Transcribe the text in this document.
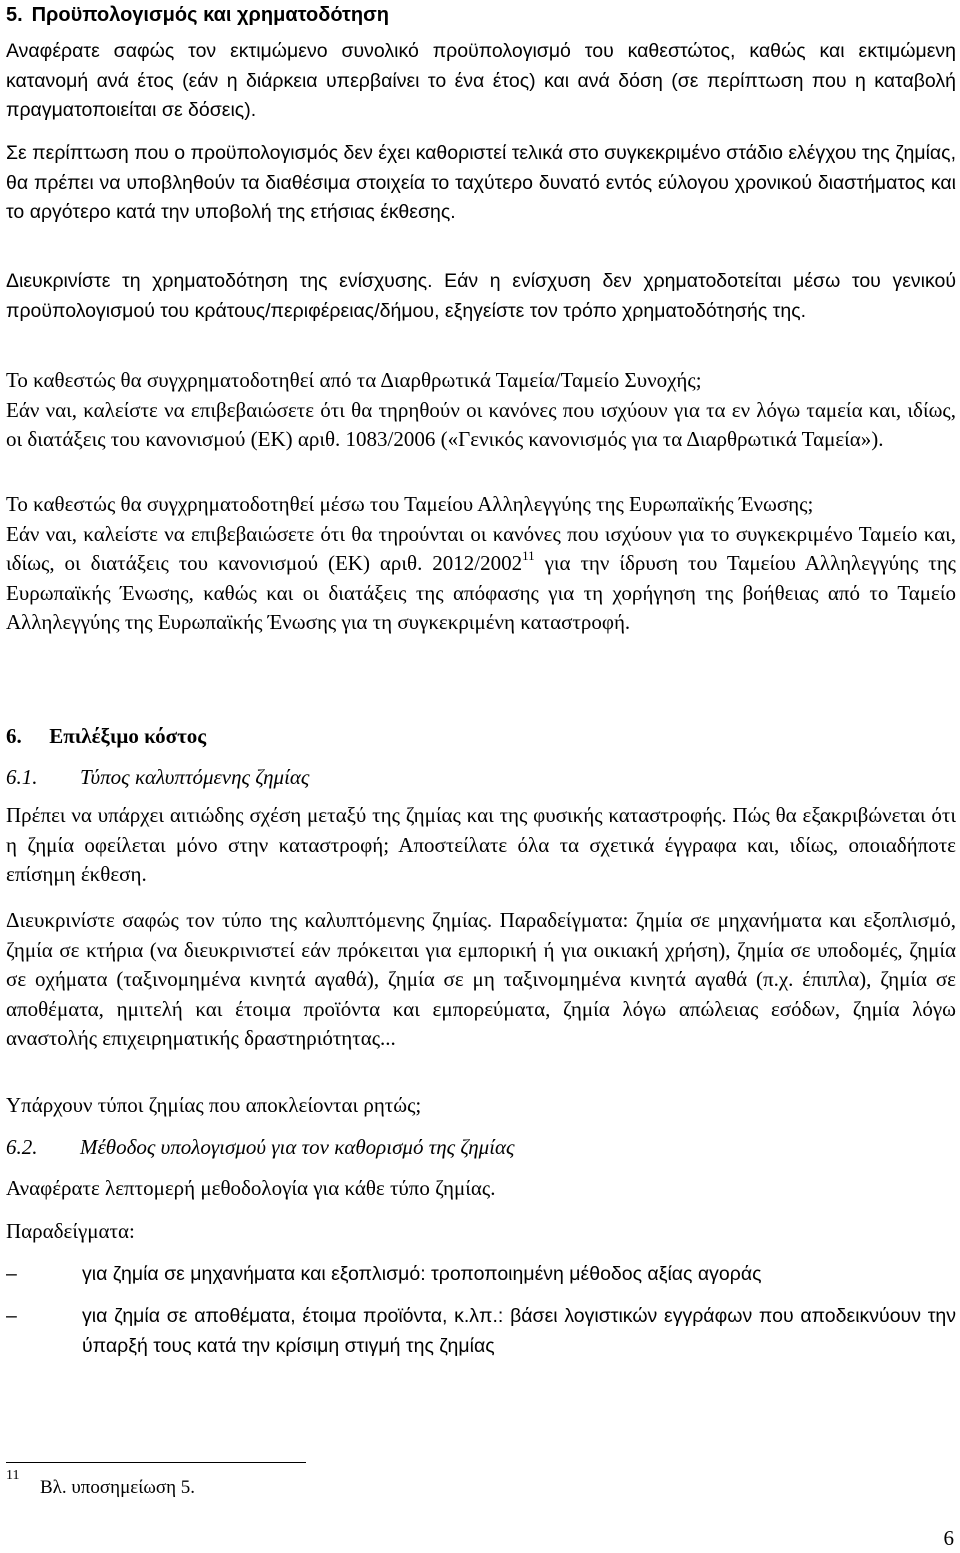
5. Προϋπολογισμός και χρηματοδότηση

Αναφέρατε σαφώς τον εκτιμώμενο συνολικό προϋπολογισμό του καθεστώτος, καθώς και εκτιμώμενη κατανομή ανά έτος (εάν η διάρκεια υπερβαίνει το ένα έτος) και ανά δόση (σε περίπτωση που η καταβολή πραγματοποιείται σε δόσεις).

Σε περίπτωση που ο προϋπολογισμός δεν έχει καθοριστεί τελικά στο συγκεκριμένο στάδιο ελέγχου της ζημίας, θα πρέπει να υποβληθούν τα διαθέσιμα στοιχεία το ταχύτερο δυνατό εντός εύλογου χρονικού διαστήματος και το αργότερο κατά την υποβολή της ετήσιας έκθεσης.

Διευκρινίστε τη χρηματοδότηση της ενίσχυσης. Εάν η ενίσχυση δεν χρηματοδοτείται μέσω του γενικού προϋπολογισμού του κράτους/περιφέρειας/δήμου, εξηγείστε τον τρόπο χρηματοδότησής της.

Το καθεστώς θα συγχρηματοδοτηθεί από τα Διαρθρωτικά Ταμεία/Ταμείο Συνοχής;
Εάν ναι, καλείστε να επιβεβαιώσετε ότι θα τηρηθούν οι κανόνες που ισχύουν για τα εν λόγω ταμεία και, ιδίως, οι διατάξεις του κανονισμού (ΕΚ) αριθ. 1083/2006 («Γενικός κανονισμός για τα Διαρθρωτικά Ταμεία»).
Το καθεστώς θα συγχρηματοδοτηθεί μέσω του Ταμείου Αλληλεγγύης της Ευρωπαϊκής Ένωσης;
Εάν ναι, καλείστε να επιβεβαιώσετε ότι θα τηρούνται οι κανόνες που ισχύουν για το συγκεκριμένο Ταμείο και, ιδίως, οι διατάξεις του κανονισμού (ΕΚ) αριθ. 2012/2002$^{11}$ για την ίδρυση του Ταμείου Αλληλεγγύης της Ευρωπαϊκής Ένωσης, καθώς και οι διατάξεις της απόφασης για τη χορήγηση της βοήθειας από το Ταμείο Αλληλεγγύης της Ευρωπαϊκής Ένωσης για τη συγκεκριμένη καταστροφή.
6. Επιλέξιμο κόστος
6.1. Τύπος καλυπτόμενης ζημίας

Πρέπει να υπάρχει αιτιώδης σχέση μεταξύ της ζημίας και της φυσικής καταστροφής. Πώς θα εξακριβώνεται ότι η ζημία οφείλεται μόνο στην καταστροφή; Αποστείλατε όλα τα σχετικά έγγραφα και, ιδίως, οποιαδήποτε επίσημη έκθεση.

Διευκρινίστε σαφώς τον τύπο της καλυπτόμενης ζημίας. Παραδείγματα: ζημία σε μηχανήματα και εξοπλισμό, ζημία σε κτήρια (να διευκρινιστεί εάν πρόκειται για εμπορική ή για οικιακή χρήση), ζημία σε υποδομές, ζημία σε οχήματα (ταξινομημένα κινητά αγαθά), ζημία σε μη ταξινομημένα κινητά αγαθά (π.χ. έπιπλα), ζημία σε αποθέματα, ημιτελή και έτοιμα προϊόντα και εμπορεύματα, ζημία λόγω απώλειας εσόδων, ζημία λόγω αναστολής επιχειρηματικής δραστηριότητας...

Υπάρχουν τύποι ζημίας που αποκλείονται ρητώς;

6.2. Μέθοδος υπολογισμού για τον καθορισμό της ζημίας

Αναφέρατε λεπτομερή μεθοδολογία για κάθε τύπο ζημίας.

Παραδείγματα:

–	για ζημία σε μηχανήματα και εξοπλισμό: τροποποιημένη μέθοδος αξίας αγοράς
–	για ζημία σε αποθέματα, έτοιμα προϊόντα, κ.λπ.: βάσει λογιστικών εγγράφων που αποδεικνύουν την ύπαρξή τους κατά την κρίσιμη στιγμή της ζημίας
11
Βλ. υποσημείωση 5.
6
